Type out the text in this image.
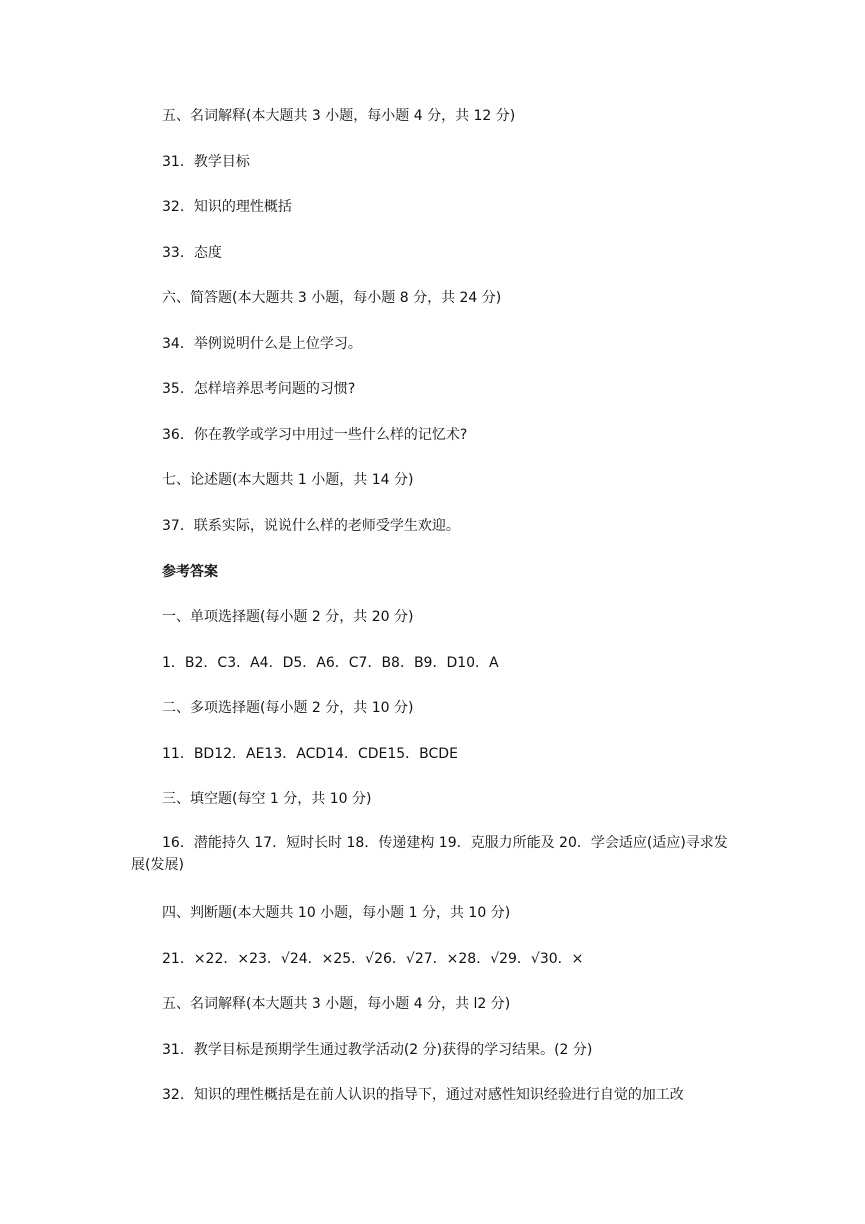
五、名词解释(本大题共 3 小题，每小题 4 分，共 12 分)
31．教学目标
32．知识的理性概括
33．态度
六、简答题(本大题共 3 小题，每小题 8 分，共 24 分)
34．举例说明什么是上位学习。
35．怎样培养思考问题的习惯?
36．你在教学或学习中用过一些什么样的记忆术?
七、论述题(本大题共 1 小题，共 14 分)
37．联系实际，说说什么样的老师受学生欢迎。
参考答案
一、单项选择题(每小题 2 分，共 20 分)
1．B2．C3．A4．D5．A6．C7．B8．B9．D10．A
二、多项选择题(每小题 2 分，共 10 分)
11．BD12．AE13．ACD14．CDE15．BCDE
三、填空题(每空 1 分，共 10 分)
16．潜能持久 17．短时长时 18．传递建构 19．克服力所能及 20．学会适应(适应)寻求发展(发展)
四、判断题(本大题共 10 小题，每小题 1 分，共 10 分)
21．×22．×23．√24．×25．√26．√27．×28．√29．√30．×
五、名词解释(本大题共 3 小题，每小题 4 分，共 l2 分)
31．教学目标是预期学生通过教学活动(2 分)获得的学习结果。(2 分)
32．知识的理性概括是在前人认识的指导下，通过对感性知识经验进行自觉的加工改
